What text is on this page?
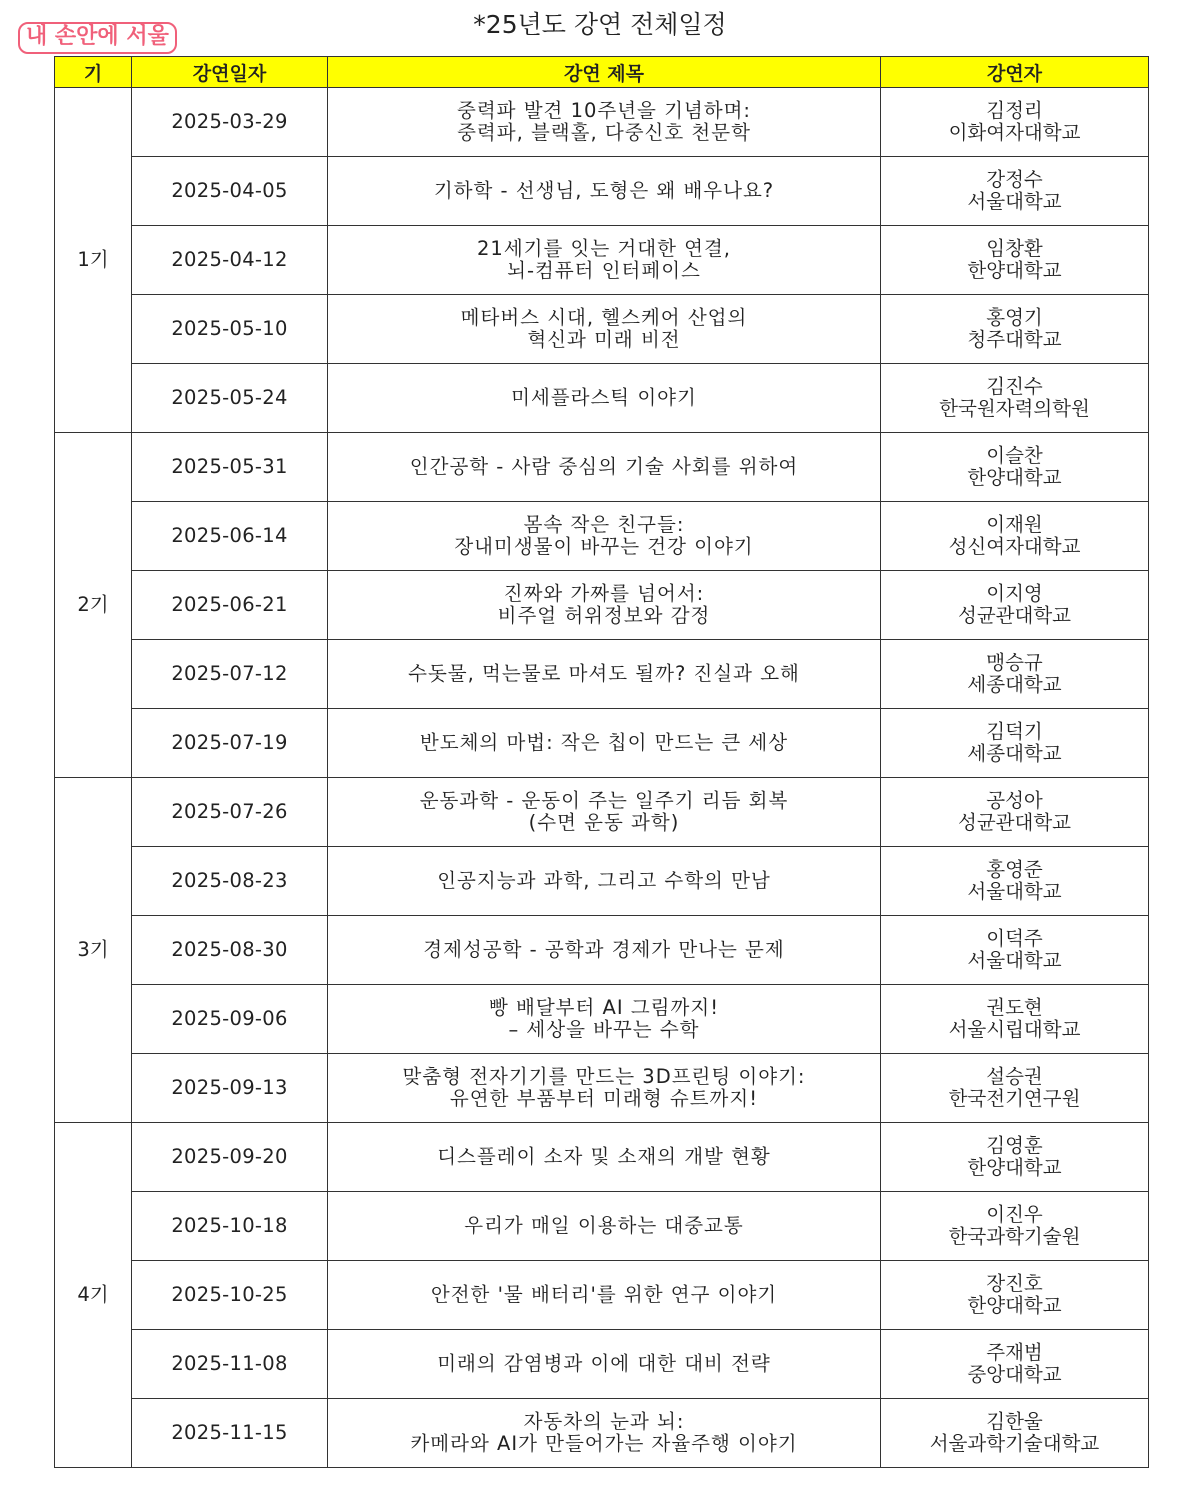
내 손안에 서울	*25년도 강연 전체일정
기	강연일자	강연 제목	강연자
1기	2025-03-29	중력파 발견 10주년을 기념하며:
중력파, 블랙홀, 다중신호 천문학	김정리
이화여자대학교

	2025-04-05	기하학 - 선생님, 도형은 왜 배우나요?	강정수
서울대학교

	2025-04-12	21세기를 잇는 거대한 연결,
뇌-컴퓨터 인터페이스	임창환
한양대학교

	2025-05-10	메타버스 시대, 헬스케어 산업의
혁신과 미래 비전	홍영기
청주대학교

	2025-05-24	미세플라스틱 이야기	김진수
한국원자력의학원

2기	2025-05-31	인간공학 - 사람 중심의 기술 사회를 위하여	이슬찬
한양대학교

	2025-06-14	몸속 작은 친구들:
장내미생물이 바꾸는 건강 이야기	이재원
성신여자대학교

	2025-06-21	진짜와 가짜를 넘어서:
비주얼 허위정보와 감정	이지영
성균관대학교

	2025-07-12	수돗물, 먹는물로 마셔도 될까? 진실과 오해	맹승규
세종대학교

	2025-07-19	반도체의 마법: 작은 칩이 만드는 큰 세상	김덕기
세종대학교

3기	2025-07-26	운동과학 - 운동이 주는 일주기 리듬 회복
(수면 운동 과학)	공성아
성균관대학교

	2025-08-23	인공지능과 과학, 그리고 수학의 만남	홍영준
서울대학교

	2025-08-30	경제성공학 - 공학과 경제가 만나는 문제	이덕주
서울대학교

	2025-09-06	빵 배달부터 AI 그림까지!
– 세상을 바꾸는 수학	권도현
서울시립대학교

	2025-09-13	맞춤형 전자기기를 만드는 3D프린팅 이야기:
유연한 부품부터 미래형 슈트까지!	설승권
한국전기연구원

4기	2025-09-20	디스플레이 소자 및 소재의 개발 현황	김영훈
한양대학교

	2025-10-18	우리가 매일 이용하는 대중교통	이진우
한국과학기술원

	2025-10-25	안전한 '물 배터리'를 위한 연구 이야기	장진호
한양대학교

	2025-11-08	미래의 감염병과 이에 대한 대비 전략	주재범
중앙대학교

	2025-11-15	자동차의 눈과 뇌:
카메라와 AI가 만들어가는 자율주행 이야기	김한울
서울과학기술대학교
